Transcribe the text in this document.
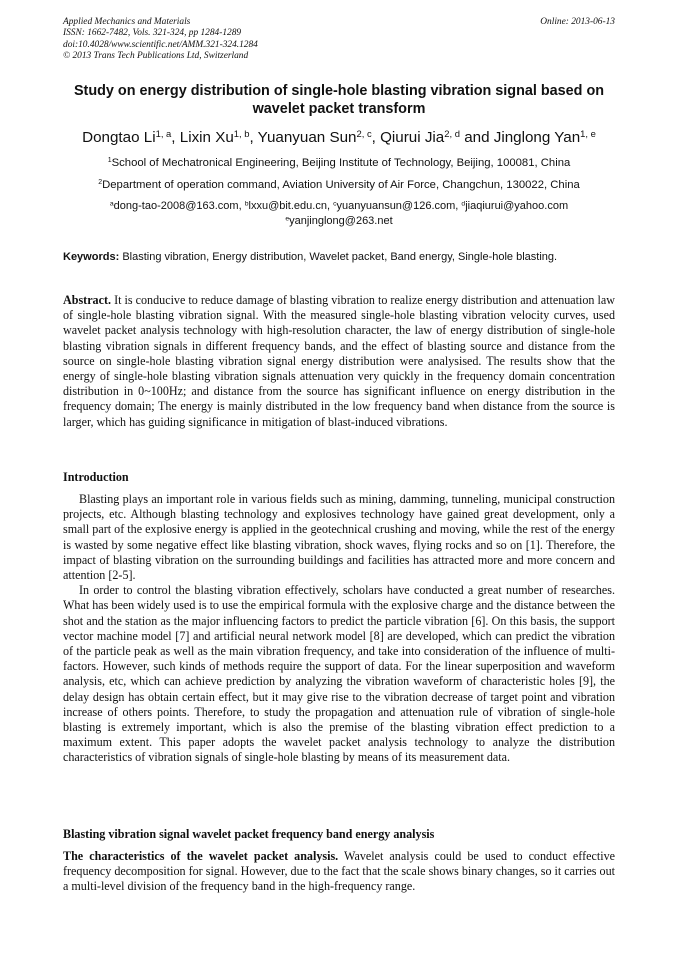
Applied Mechanics and Materials
ISSN: 1662-7482, Vols. 321-324, pp 1284-1289
doi:10.4028/www.scientific.net/AMM.321-324.1284
© 2013 Trans Tech Publications Ltd, Switzerland
Online: 2013-06-13
Study on energy distribution of single-hole blasting vibration signal based on wavelet packet transform
Dongtao Li$^{1, a}$, Lixin Xu$^{1, b}$, Yuanyuan Sun$^{2, c}$, Qiurui Jia$^{2, d}$ and Jinglong Yan$^{1, e}$
$^1$School of Mechatronical Engineering, Beijing Institute of Technology, Beijing, 100081, China
$^2$Department of operation command, Aviation University of Air Force, Changchun, 130022, China
$^a$dong-tao-2008@163.com, $^b$lxxu@bit.edu.cn, $^c$yuanyuansun@126.com, $^d$jiaqiurui@yahoo.com
$^e$yanjinglong@263.net
Keywords: Blasting vibration, Energy distribution, Wavelet packet, Band energy, Single-hole blasting.
Abstract. It is conducive to reduce damage of blasting vibration to realize energy distribution and attenuation law of single-hole blasting vibration signal. With the measured single-hole blasting vibration velocity curves, used wavelet packet analysis technology with high-resolution character, the law of energy distribution of single-hole blasting vibration signals in different frequency bands, and the effect of blasting source and distance from the source on single-hole blasting vibration signal energy distribution were analysised. The results show that the energy of single-hole blasting vibration signals attenuation very quickly in the frequency domain concentration distribution in 0~100Hz; and distance from the source has significant influence on energy distribution in the frequency domain; The energy is mainly distributed in the low frequency band when distance from the source is larger, which has guiding significance in mitigation of blast-induced vibrations.
Introduction

Blasting plays an important role in various fields such as mining, damming, tunneling, municipal construction projects, etc. Although blasting technology and explosives technology have gained great development, only a small part of the explosive energy is applied in the geotechnical crushing and moving, while the rest of the energy is wasted by some negative effect like blasting vibration, shock waves, flying rocks and so on [1]. Therefore, the impact of blasting vibration on the surrounding buildings and facilities has attracted more and more concern and attention [2-5].

In order to control the blasting vibration effectively, scholars have conducted a great number of researches. What has been widely used is to use the empirical formula with the explosive charge and the distance between the shot and the station as the major influencing factors to predict the particle vibration [6]. On this basis, the support vector machine model [7] and artificial neural network model [8] are developed, which can predict the vibration of the particle peak as well as the main vibration frequency, and take into consideration of the influence of multi-factors. However, such kinds of methods require the support of data. For the linear superposition and waveform analysis, etc, which can achieve prediction by analyzing the vibration waveform of characteristic holes [9], the delay design has obtain certain effect, but it may give rise to the vibration decrease of target point and vibration increase of others points. Therefore, to study the propagation and attenuation rule of vibration of single-hole blasting is extremely important, which is also the premise of the blasting vibration effect prediction to a maximum extent. This paper adopts the wavelet packet analysis technology to analyze the distribution characteristics of vibration signals of single-hole blasting by means of its measurement data.

Blasting vibration signal wavelet packet frequency band energy analysis
The characteristics of the wavelet packet analysis. Wavelet analysis could be used to conduct effective frequency decomposition for signal. However, due to the fact that the scale shows binary changes, so it carries out a multi-level division of the frequency band in the high-frequency range.
